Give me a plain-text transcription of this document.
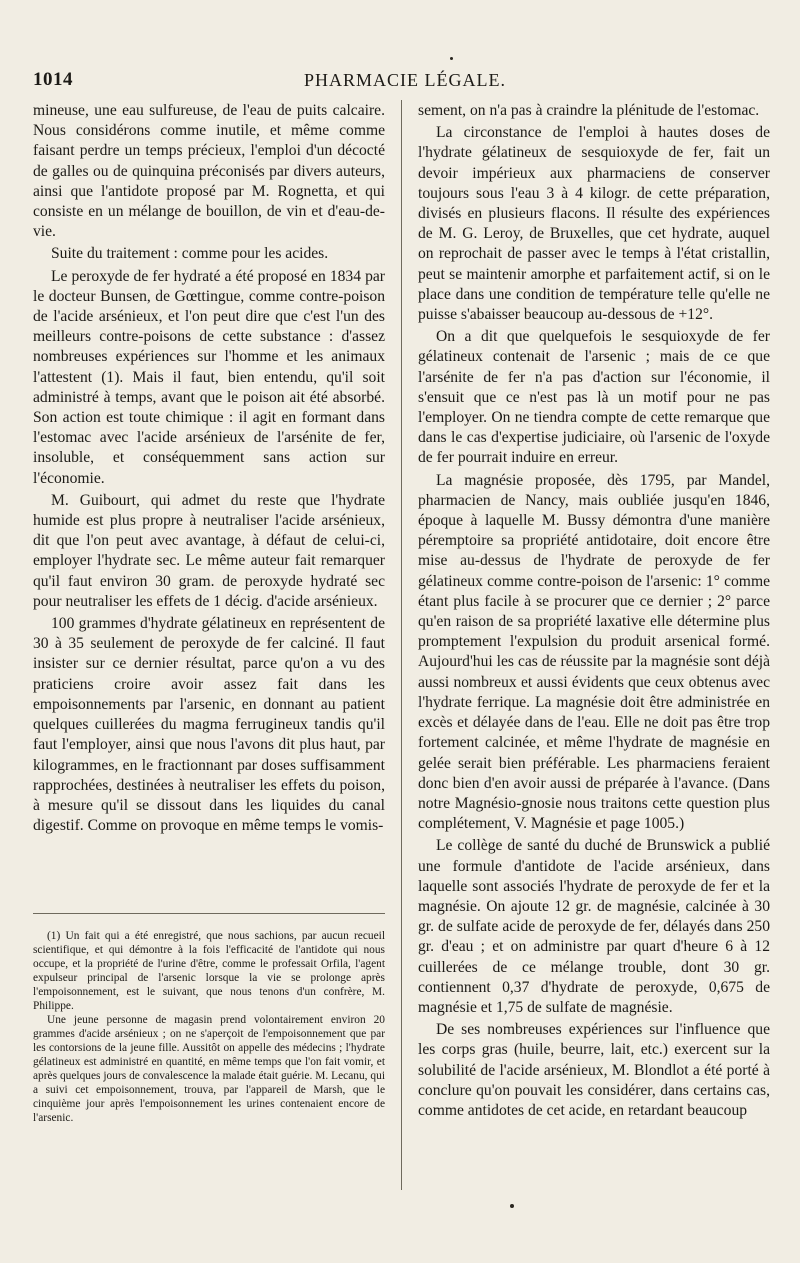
1014	PHARMACIE LÉGALE.

mineuse, une eau sulfureuse, de l'eau de puits calcaire. Nous considérons comme inutile, et même comme faisant perdre un temps précieux, l'emploi d'un décocté de galles ou de quinquina préconisés par divers auteurs, ainsi que l'antidote proposé par M. Rognetta, et qui consiste en un mélange de bouillon, de vin et d'eau-de-vie.

Suite du traitement : comme pour les acides.

Le peroxyde de fer hydraté a été proposé en 1834 par le docteur Bunsen, de Gœttingue, comme contre-poison de l'acide arsénieux, et l'on peut dire que c'est l'un des meilleurs contre-poisons de cette substance : d'assez nombreuses expériences sur l'homme et les animaux l'attestent (1). Mais il faut, bien entendu, qu'il soit administré à temps, avant que le poison ait été absorbé. Son action est toute chimique : il agit en formant dans l'estomac avec l'acide arsénieux de l'arsénite de fer, insoluble, et conséquemment sans action sur l'économie.

M. Guibourt, qui admet du reste que l'hydrate humide est plus propre à neutraliser l'acide arsénieux, dit que l'on peut avec avantage, à défaut de celui-ci, employer l'hydrate sec. Le même auteur fait remarquer qu'il faut environ 30 gram. de peroxyde hydraté sec pour neutraliser les effets de 1 décig. d'acide arsénieux.

100 grammes d'hydrate gélatineux en représentent de 30 à 35 seulement de peroxyde de fer calciné. Il faut insister sur ce dernier résultat, parce qu'on a vu des praticiens croire avoir assez fait dans les empoisonnements par l'arsenic, en donnant au patient quelques cuillerées du magma ferrugineux tandis qu'il faut l'employer, ainsi que nous l'avons dit plus haut, par kilogrammes, en le fractionnant par doses suffisamment rapprochées, destinées à neutraliser les effets du poison, à mesure qu'il se dissout dans les liquides du canal digestif. Comme on provoque en même temps le vomis-

(1) Un fait qui a été enregistré, que nous sachions, par aucun recueil scientifique, et qui démontre à la fois l'efficacité de l'antidote qui nous occupe, et la propriété de l'urine d'être, comme le professait Orfila, l'agent expulseur principal de l'arsenic lorsque la vie se prolonge après l'empoisonnement, est le suivant, que nous tenons d'un confrère, M. Philippe.

Une jeune personne de magasin prend volontairement environ 20 grammes d'acide arsénieux ; on ne s'aperçoit de l'empoisonnement que par les contorsions de la jeune fille. Aussitôt on appelle des médecins ; l'hydrate gélatineux est administré en quantité, en même temps que l'on fait vomir, et après quelques jours de convalescence la malade était guérie. M. Lecanu, qui a suivi cet empoisonnement, trouva, par l'appareil de Marsh, que le cinquième jour après l'empoisonnement les urines contenaient encore de l'arsenic.

sement, on n'a pas à craindre la plénitude de l'estomac.

La circonstance de l'emploi à hautes doses de l'hydrate gélatineux de sesquioxyde de fer, fait un devoir impérieux aux pharmaciens de conserver toujours sous l'eau 3 à 4 kilogr. de cette préparation, divisés en plusieurs flacons. Il résulte des expériences de M. G. Leroy, de Bruxelles, que cet hydrate, auquel on reprochait de passer avec le temps à l'état cristallin, peut se maintenir amorphe et parfaitement actif, si on le place dans une condition de température telle qu'elle ne puisse s'abaisser beaucoup au-dessous de +12°.

On a dit que quelquefois le sesquioxyde de fer gélatineux contenait de l'arsenic ; mais de ce que l'arsénite de fer n'a pas d'action sur l'économie, il s'ensuit que ce n'est pas là un motif pour ne pas l'employer. On ne tiendra compte de cette remarque que dans le cas d'expertise judiciaire, où l'arsenic de l'oxyde de fer pourrait induire en erreur.

La magnésie proposée, dès 1795, par Mandel, pharmacien de Nancy, mais oubliée jusqu'en 1846, époque à laquelle M. Bussy démontra d'une manière péremptoire sa propriété antidotaire, doit encore être mise au-dessus de l'hydrate de peroxyde de fer gélatineux comme contre-poison de l'arsenic: 1° comme étant plus facile à se procurer que ce dernier ; 2° parce qu'en raison de sa propriété laxative elle détermine plus promptement l'expulsion du produit arsenical formé. Aujourd'hui les cas de réussite par la magnésie sont déjà aussi nombreux et aussi évidents que ceux obtenus avec l'hydrate ferrique. La magnésie doit être administrée en excès et délayée dans de l'eau. Elle ne doit pas être trop fortement calcinée, et même l'hydrate de magnésie en gelée serait bien préférable. Les pharmaciens feraient donc bien d'en avoir aussi de préparée à l'avance. (Dans notre Magnésio-gnosie nous traitons cette question plus complétement, V. Magnésie et page 1005.)

Le collège de santé du duché de Brunswick a publié une formule d'antidote de l'acide arsénieux, dans laquelle sont associés l'hydrate de peroxyde de fer et la magnésie. On ajoute 12 gr. de magnésie, calcinée à 30 gr. de sulfate acide de peroxyde de fer, délayés dans 250 gr. d'eau ; et on administre par quart d'heure 6 à 12 cuillerées de ce mélange trouble, dont 30 gr. contiennent 0,37 d'hydrate de peroxyde, 0,675 de magnésie et 1,75 de sulfate de magnésie.

De ses nombreuses expériences sur l'influence que les corps gras (huile, beurre, lait, etc.) exercent sur la solubilité de l'acide arsénieux, M. Blondlot a été porté à conclure qu'on pouvait les considérer, dans certains cas, comme antidotes de cet acide, en retardant beaucoup
